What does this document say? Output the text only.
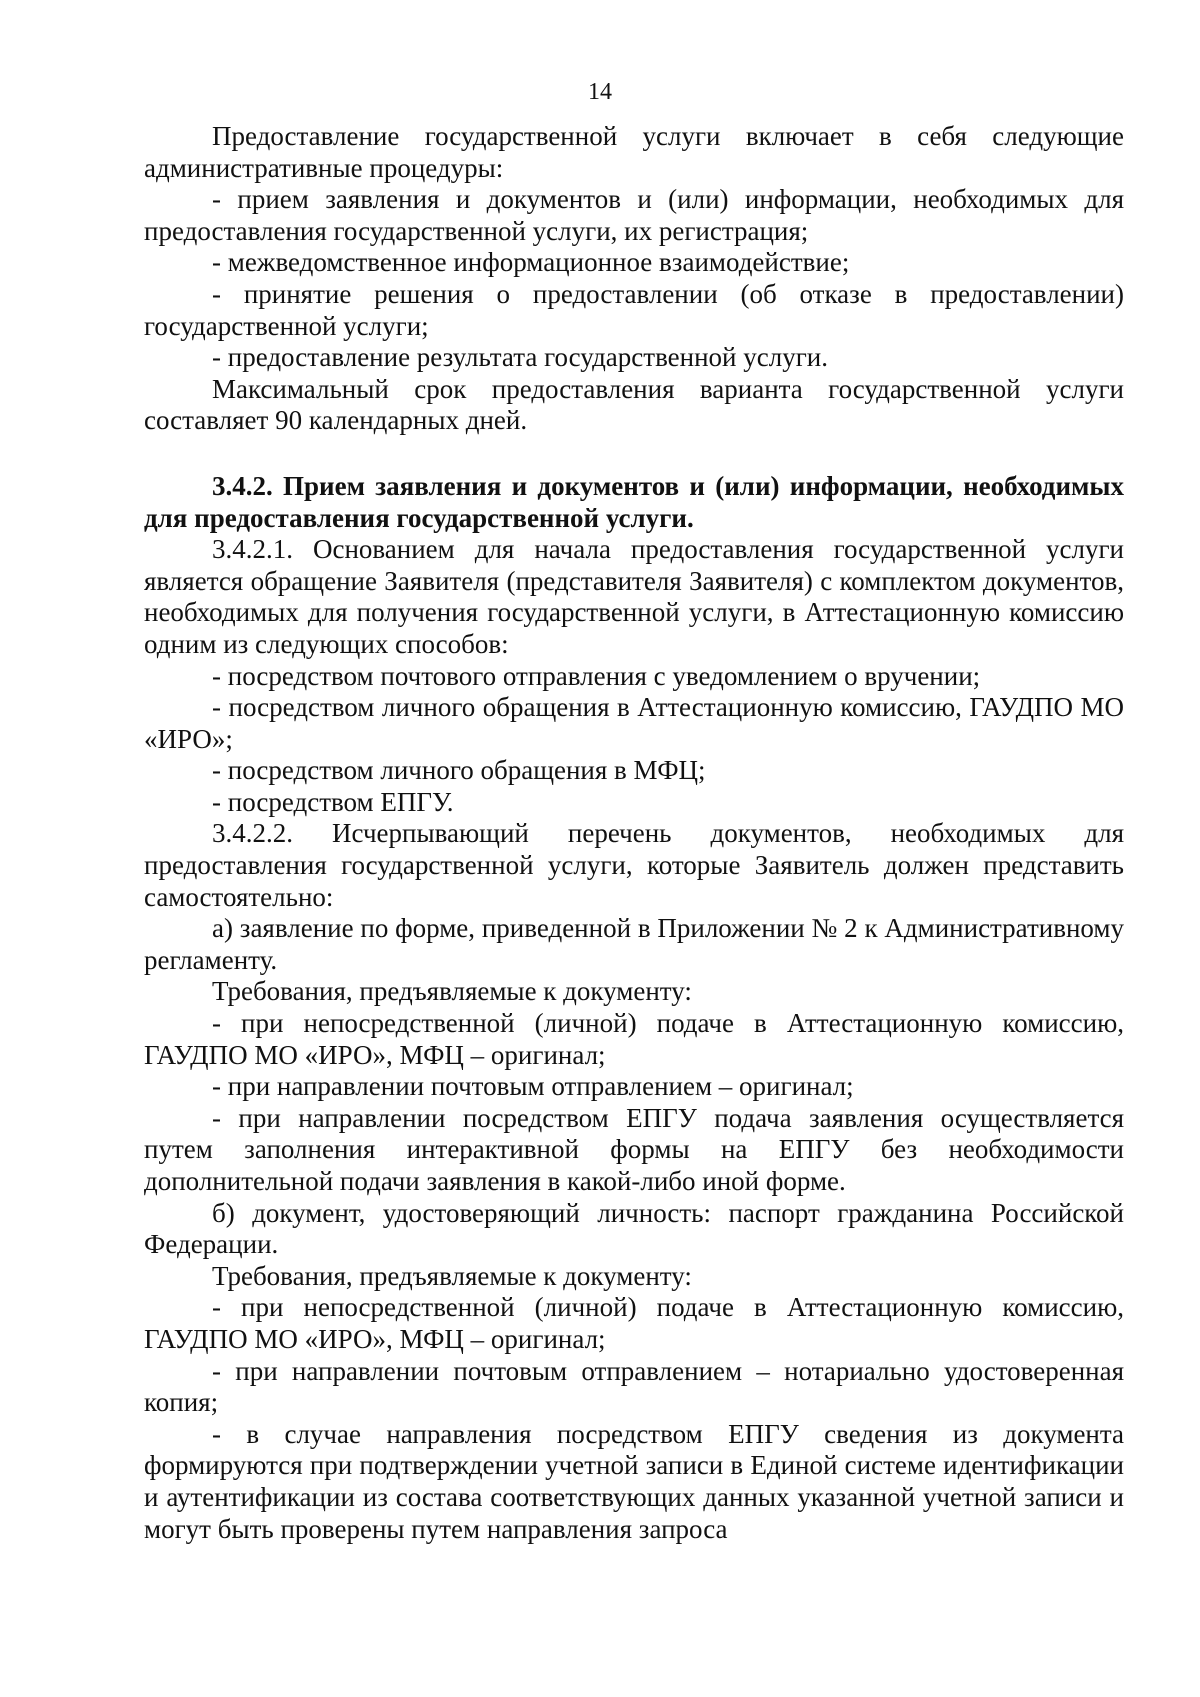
14

Предоставление государственной услуги включает в себя следующие административные процедуры:

- прием заявления и документов и (или) информации, необходимых для предоставления государственной услуги, их регистрация;

- межведомственное информационное взаимодействие;

- принятие решения о предоставлении (об отказе в предоставлении) государственной услуги;

- предоставление результата государственной услуги.

Максимальный срок предоставления варианта государственной услуги составляет 90 календарных дней.

3.4.2. Прием заявления и документов и (или) информации, необходимых для предоставления государственной услуги.

3.4.2.1. Основанием для начала предоставления государственной услуги является обращение Заявителя (представителя Заявителя) с комплектом документов, необходимых для получения государственной услуги, в Аттестационную комиссию одним из следующих способов:

- посредством почтового отправления с уведомлением о вручении;

- посредством личного обращения в Аттестационную комиссию, ГАУДПО МО «ИРО»;

- посредством личного обращения в МФЦ;

- посредством ЕПГУ.

3.4.2.2. Исчерпывающий перечень документов, необходимых для предоставления государственной услуги, которые Заявитель должен представить самостоятельно:

а) заявление по форме, приведенной в Приложении № 2 к Административному регламенту.

Требования, предъявляемые к документу:

- при непосредственной (личной) подаче в Аттестационную комиссию, ГАУДПО МО «ИРО», МФЦ – оригинал;

- при направлении почтовым отправлением – оригинал;

- при направлении посредством ЕПГУ подача заявления осуществляется путем заполнения интерактивной формы на ЕПГУ без необходимости дополнительной подачи заявления в какой-либо иной форме.

б) документ, удостоверяющий личность: паспорт гражданина Российской Федерации.

Требования, предъявляемые к документу:

- при непосредственной (личной) подаче в Аттестационную комиссию, ГАУДПО МО «ИРО», МФЦ – оригинал;

- при направлении почтовым отправлением – нотариально удостоверенная копия;

- в случае направления посредством ЕПГУ сведения из документа формируются при подтверждении учетной записи в Единой системе идентификации и аутентификации из состава соответствующих данных указанной учетной записи и могут быть проверены путем направления запроса
